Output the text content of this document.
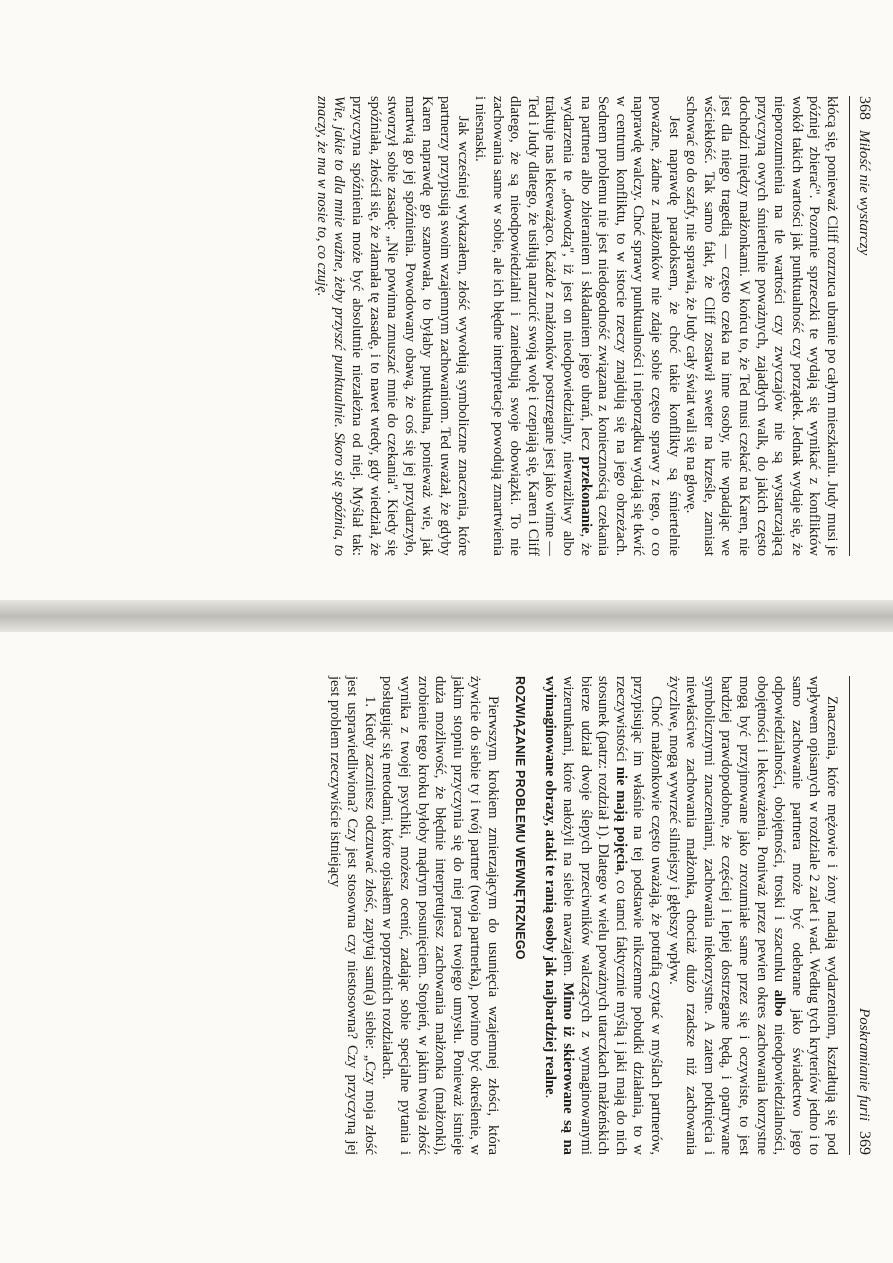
368
Miłość nie wystarczy

kłócą się, ponieważ Cliff rozrzuca ubranie po całym mieszkaniu. Judy musi je później zbierać". Pozornie sprzeczki te wydają się wynikać z konfliktów wokół takich wartości jak punktualność czy porządek. Jednak wydaje się, że nieporozumienia na tle wartości czy zwyczajów nie są wystarczającą przyczyną owych śmiertelnie poważnych, zajadłych walk, do jakich często dochodzi między małżonkami. W końcu to, że Ted musi czekać na Karen, nie jest dla niego tragedią — często czeka na inne osoby, nie wpadając we wściekłość. Tak samo fakt, że Cliff zostawił sweter na krześle, zamiast schować go do szafy, nie sprawia, że Judy cały świat wali się na głowę.

Jest naprawdę paradoksem, że choć takie konflikty są śmiertelnie poważne, żadne z małżonków nie zdaje sobie często sprawy z tego, o co naprawdę walczy. Choć sprawy punktualności i nieporządku wydają się tkwić w centrum konfliktu, to w istocie rzeczy znajdują się na jego obrzeżach. Sednem problemu nie jest niedogodność związana z koniecznością czekania na partnera albo zbieraniem i składaniem jego ubrań, lecz przekonanie, że wydarzenia te „dowodzą", iż jest on nieodpowiedzialny, niewrażliwy albo traktuje nas lekceważąco. Każde z małżonków postrzegane jest jako winne — Ted i Judy dlatego, że usiłują narzucić swoją wolę i czepiają się, Karen i Cliff dlatego, że są nieodpowiedzialni i zaniedbują swoje obowiązki. To nie zachowania same w sobie, ale ich błędne interpretacje powodują zmartwienia i niesnaski.

Jak wcześniej wykazałem, złość wywołują symboliczne znaczenia, które partnerzy przypisują swoim wzajemnym zachowaniom. Ted uważał, że gdyby Karen naprawdę go szanowała, to byłaby punktualna, ponieważ wie, jak martwią go jej spóźnienia. Powodowany obawą, że coś się jej przydarzyło, stworzył sobie zasadę: „Nie powinna zmuszać mnie do czekania". Kiedy się spóźniała, złościł się, że złamała tę zasadę, i to nawet wtedy, gdy wiedział, że przyczyna spóźnienia może być absolutnie niezależna od niej. Myślał tak: Wie, jakie to dla mnie ważne, żeby przyszć punktualnie. Skoro się spóźnia, to znaczy, że ma w nosie to, co czuję.

Poskramianie furii
369

Znaczenia, które mężowie i żony nadają wydarzeniom, kształtują się pod wpływem opisanych w rozdziale 2 zalet i wad. Według tych kryteriów jedno i to samo zachowanie partnera może być odebrane jako świadectwo jego odpowiedzialności, obojętności, troski i szacunku albo nieodpowiedzialności, obojętności i lekceważenia. Poniważ przez pewien okres zachowania korzystne mogą być przyjmowane jako zrozumiałe same przez się i oczywiste, to jest bardziej prawdopodobne, że częściej i lepiej dostrzegane będą, i opatrywane symbolicznymi znaczeniami, zachowania niekorzystne. A zatem potknięcia i niewłaściwe zachowania małżonka, chociaż dużo rzadsze niż zachowania życzliwe, mogą wywrzeć silniejszy i głębszy wpływ.

Choć małżonkowie często uważają, że potrafią czytać w myślach partnerów, przypisując im właśnie na tej podstawie nikczemne pobudki działania, to w rzeczywistości nie mają pojęcia, co tamci faktycznie myślą i jaki mają do nich stosunek (patrz: rozdział 1). Dlatego w wielu poważnych utarczkach małżeńskich bierze udział dwoje ślepych przeciwników walczących z wymaginowanymi wizerunkami, które nałożyli na siebie nawzajem. Mimo iż skierowane są na wyimaginowane obrazy, ataki te ranią osoby jak najbardziej realne.

ROZWIĄZANIE PROBLEMU WEWNĘTRZNEGO

Pierwszym krokiem zmierzającym do usunięcia wzajemnej złości, która żywicie do siebie ty i twój partner (twoja partnerka), powinno być określenie, w jakim stopniu przyczynia się do niej praca twojego umysłu. Ponieważ istnieje duża możliwość, że błędnie interpretujesz zachowania małżonka (małżonki), zrobienie tego kroku byłoby mądrym posunięciem. Stopień, w jakim twoja złość wynika z twojej psychiki, możesz ocenić, zadając sobie specjalne pytania i posługując się metodami, które opisałem w poprzednich rozdziałach.

1. Kiedy zaczniesz odczuwać złość, zapytaj sam(a) siebie: „Czy moja złość jest usprawiedliwiona? Czy jest stosowna czy niestosowna? Czy przyczyną jej jest problem rzeczywiście istniejący
